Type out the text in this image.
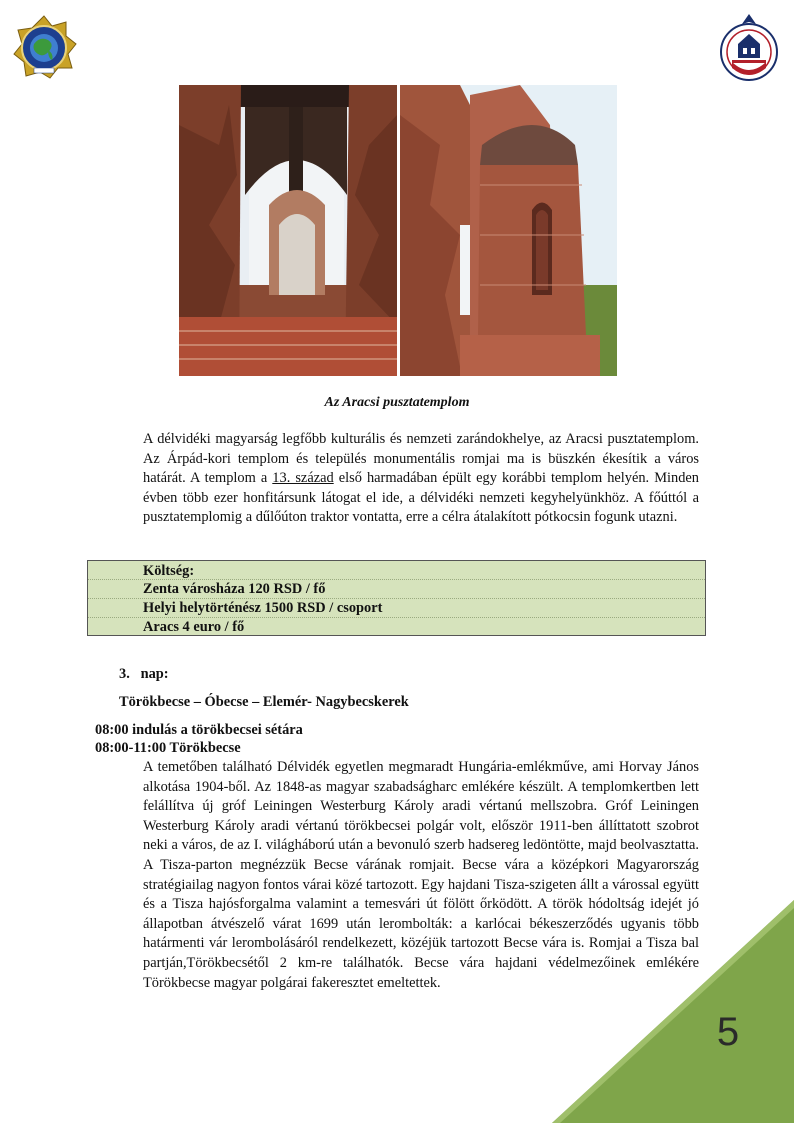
Az Aracsi pusztatemplom

A délvidéki magyarság legfőbb kulturális és nemzeti zarándokhelye, az Aracsi pusztatemplom. Az Árpád-kori templom és település monumentális romjai ma is büszkén ékesítik a város határát. A templom a 13. század első harmadában épült egy korábbi templom helyén. Minden évben több ezer honfitársunk látogat el ide, a délvidéki nemzeti kegyhelyünkhöz. A főúttól a pusztatemplomig a dűlőúton traktor vontatta, erre a célra átalakított pótkocsin fogunk utazni.

Költség:
Zenta városháza 120 RSD / fő
Helyi helytörténész 1500 RSD / csoport
Aracs 4 euro / fő
3.   nap:
Törökbecse – Óbecse – Elemér- Nagybecskerek
08:00 indulás a törökbecsei sétára
08:00-11:00 Törökbecse

A temetőben található Délvidék egyetlen megmaradt Hungária-emlékműve, ami Horvay János alkotása 1904-ből. Az 1848-as magyar szabadságharc emlékére készült. A templomkertben lett felállítva új gróf Leiningen Westerburg Károly aradi vértanú mellszobra. Gróf Leiningen Westerburg Károly aradi vértanú törökbecsei polgár volt, először 1911-ben állíttatott szobrot neki a város, de az I. világháború után a bevonuló szerb hadsereg ledöntötte, majd beolvasztatta. A Tisza-parton megnézzük Becse várának romjait. Becse vára a középkori Magyarország stratégiailag nagyon fontos várai közé tartozott. Egy hajdani Tisza-szigeten állt a várossal együtt és a Tisza hajósforgalma valamint a temesvári út fölött őrködött. A török hódoltság idejét jó állapotban átvészelő várat 1699 után lerombolták: a karlócai békeszerződés ugyanis több határmenti vár lerombolásáról rendelkezett, közéjük tartozott Becse vára is. Romjai a Tisza bal partján,Törökbecsétől 2 km-re találhatók. Becse vára hajdani védelmezőinek emlékére Törökbecse magyar polgárai fakeresztet emeltettek.

5
